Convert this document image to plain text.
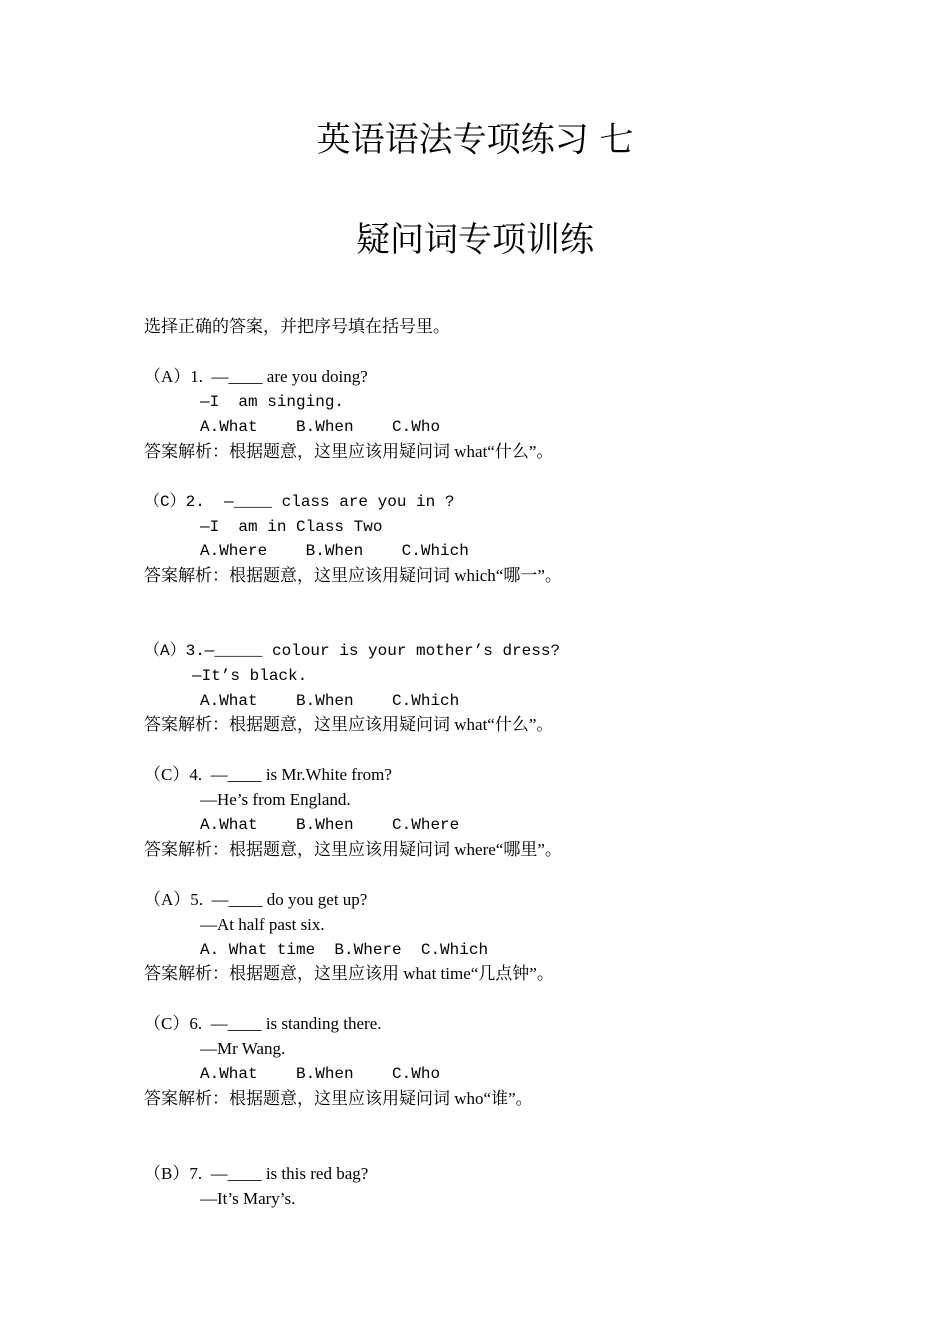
英语语法专项练习 七
疑问词专项训练
选择正确的答案，并把序号填在括号里。
（A）1.  —____ are you doing?
—I  am singing.
A.What    B.When    C.Who
答案解析：根据题意，这里应该用疑问词 what“什么”。
（C）2.  —____ class are you in ?
—I  am in Class Two
A.Where    B.When    C.Which
答案解析：根据题意，这里应该用疑问词 which“哪一”。
（A）3.—_____ colour is your mother’s dress?
—It’s black.
A.What    B.When    C.Which
答案解析：根据题意，这里应该用疑问词 what“什么”。
（C）4.  —____ is Mr.White from?
—He’s from England.
A.What    B.When    C.Where
答案解析：根据题意，这里应该用疑问词 where“哪里”。
（A）5.  —____ do you get up?
—At half past six.
A. What time  B.Where  C.Which
答案解析：根据题意，这里应该用 what time“几点钟”。
（C）6.  —____ is standing there.
—Mr Wang.
A.What    B.When    C.Who
答案解析：根据题意，这里应该用疑问词 who“谁”。
（B）7.  —____ is this red bag?
—It’s Mary’s.
